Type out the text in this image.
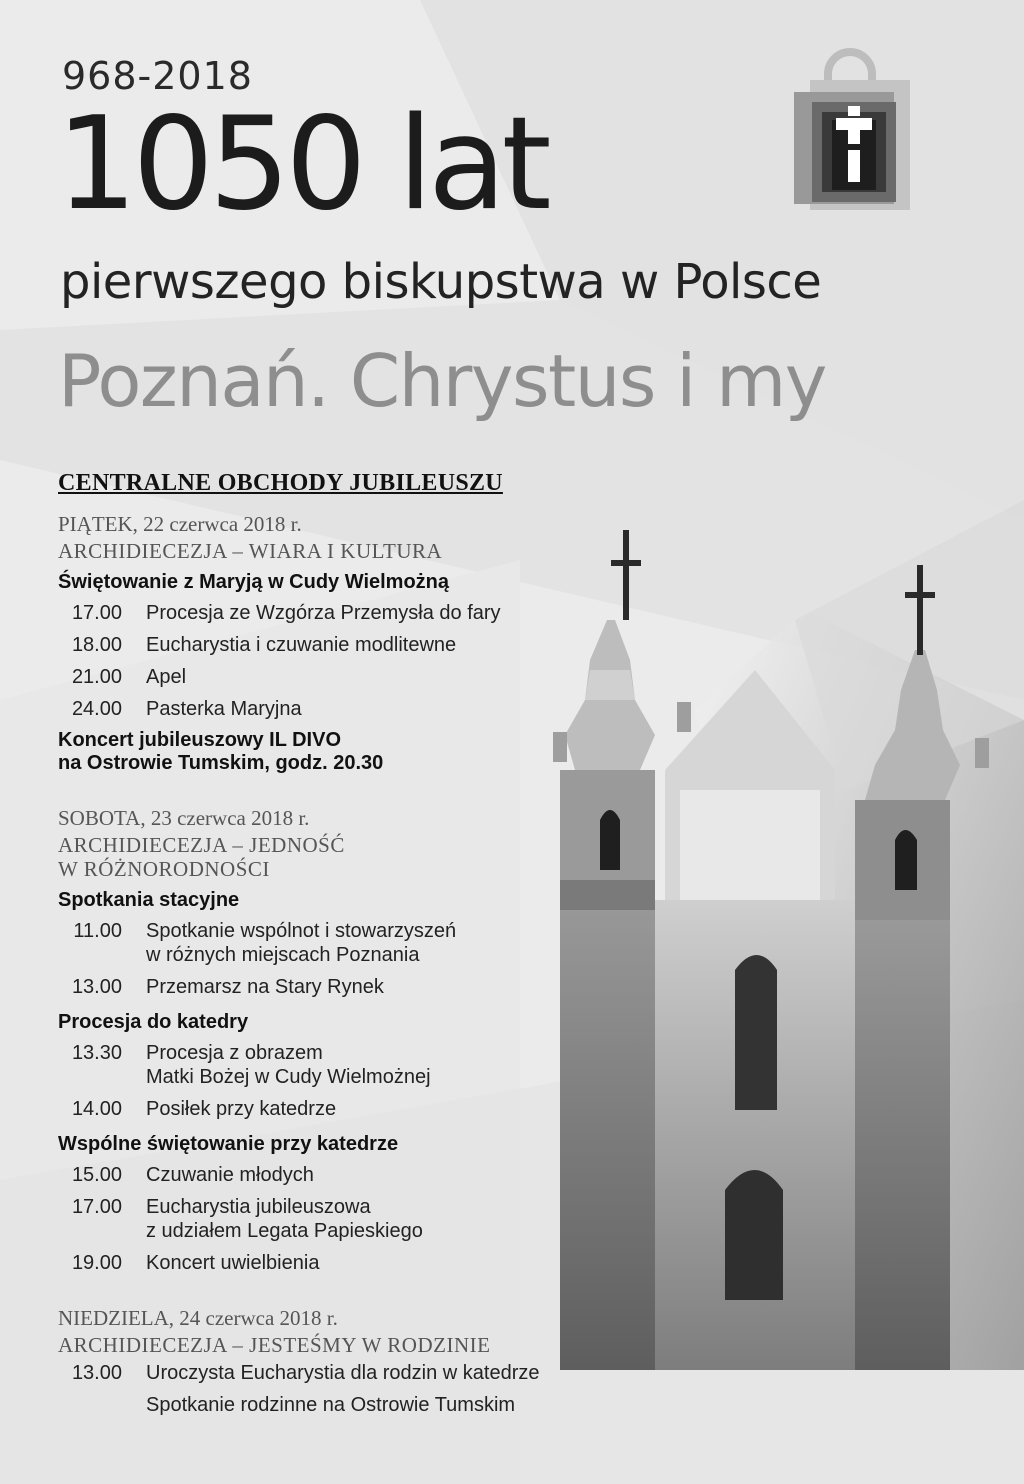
968-2018
1050 lat
pierwszego biskupstwa w Polsce
Poznań. Chrystus i my
CENTRALNE OBCHODY JUBILEUSZU
PIĄTEK, 22 czerwca 2018 r.
ARCHIDIECEZJA – WIARA I KULTURA
Świętowanie z Maryją w Cudy Wielmożną
17.00	Procesja ze Wzgórza Przemysła do fary
18.00	Eucharystia i czuwanie modlitewne
21.00	Apel
24.00	Pasterka Maryjna
Koncert jubileuszowy IL DIVO
na Ostrowie Tumskim, godz. 20.30
SOBOTA, 23 czerwca 2018 r.
ARCHIDIECEZJA – JEDNOŚĆ
W RÓŻNORODNOŚCI
Spotkania stacyjne
11.00 Spotkanie wspólnot i stowarzyszeń
w różnych miejscach Poznania
13.00	Przemarsz na Stary Rynek
Procesja do katedry
13.30 Procesja z obrazem
Matki Bożej w Cudy Wielmożnej
14.00	Posiłek przy katedrze
Wspólne świętowanie przy katedrze
15.00	Czuwanie młodych
17.00 Eucharystia jubileuszowa
z udziałem Legata Papieskiego
19.00	Koncert uwielbienia
NIEDZIELA, 24 czerwca 2018 r.
ARCHIDIECEZJA – JESTEŚMY W RODZINIE
13.00	Uroczysta Eucharystia dla rodzin w katedrze
Spotkanie rodzinne na Ostrowie Tumskim
